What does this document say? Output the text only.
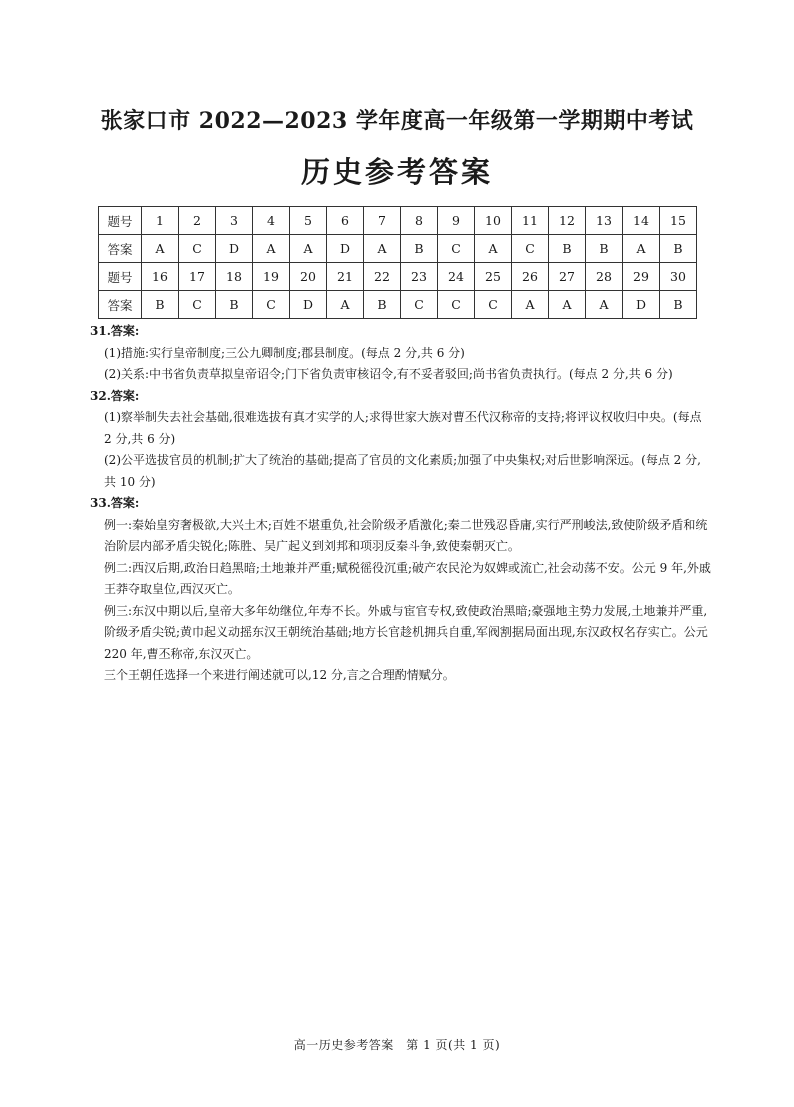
张家口市 2022—2023 学年度高一年级第一学期期中考试
历史参考答案
题号	1	2	3	4	5	6	7	8	9	10	11	12	13	14	15
答案	A	C	D	A	A	D	A	B	C	A	C	B	B	A	B
题号	16	17	18	19	20	21	22	23	24	25	26	27	28	29	30
答案	B	C	B	C	D	A	B	C	C	C	A	A	A	D	B
31.答案:
(1)措施:实行皇帝制度;三公九卿制度;郡县制度。(每点 2 分,共 6 分)
(2)关系:中书省负责草拟皇帝诏令;门下省负责审核诏令,有不妥者驳回;尚书省负责执行。(每点 2 分,共 6 分)
32.答案:
(1)察举制失去社会基础,很难选拔有真才实学的人;求得世家大族对曹丕代汉称帝的支持;将评议权收归中央。(每点 2 分,共 6 分)
(2)公平选拔官员的机制;扩大了统治的基础;提高了官员的文化素质;加强了中央集权;对后世影响深远。(每点 2 分,共 10 分)
33.答案:
例一:秦始皇穷奢极欲,大兴土木;百姓不堪重负,社会阶级矛盾激化;秦二世残忍昏庸,实行严刑峻法,致使阶级矛盾和统治阶层内部矛盾尖锐化;陈胜、吴广起义到刘邦和项羽反秦斗争,致使秦朝灭亡。
例二:西汉后期,政治日趋黑暗;土地兼并严重;赋税徭役沉重;破产农民沦为奴婢或流亡,社会动荡不安。公元 9 年,外戚王莽夺取皇位,西汉灭亡。
例三:东汉中期以后,皇帝大多年幼继位,年寿不长。外戚与宦官专权,致使政治黑暗;豪强地主势力发展,土地兼并严重,阶级矛盾尖锐;黄巾起义动摇东汉王朝统治基础;地方长官趁机拥兵自重,军阀割据局面出现,东汉政权名存实亡。公元 220 年,曹丕称帝,东汉灭亡。
三个王朝任选择一个来进行阐述就可以,12 分,言之合理酌情赋分。
高一历史参考答案　第 1 页(共 1 页)
